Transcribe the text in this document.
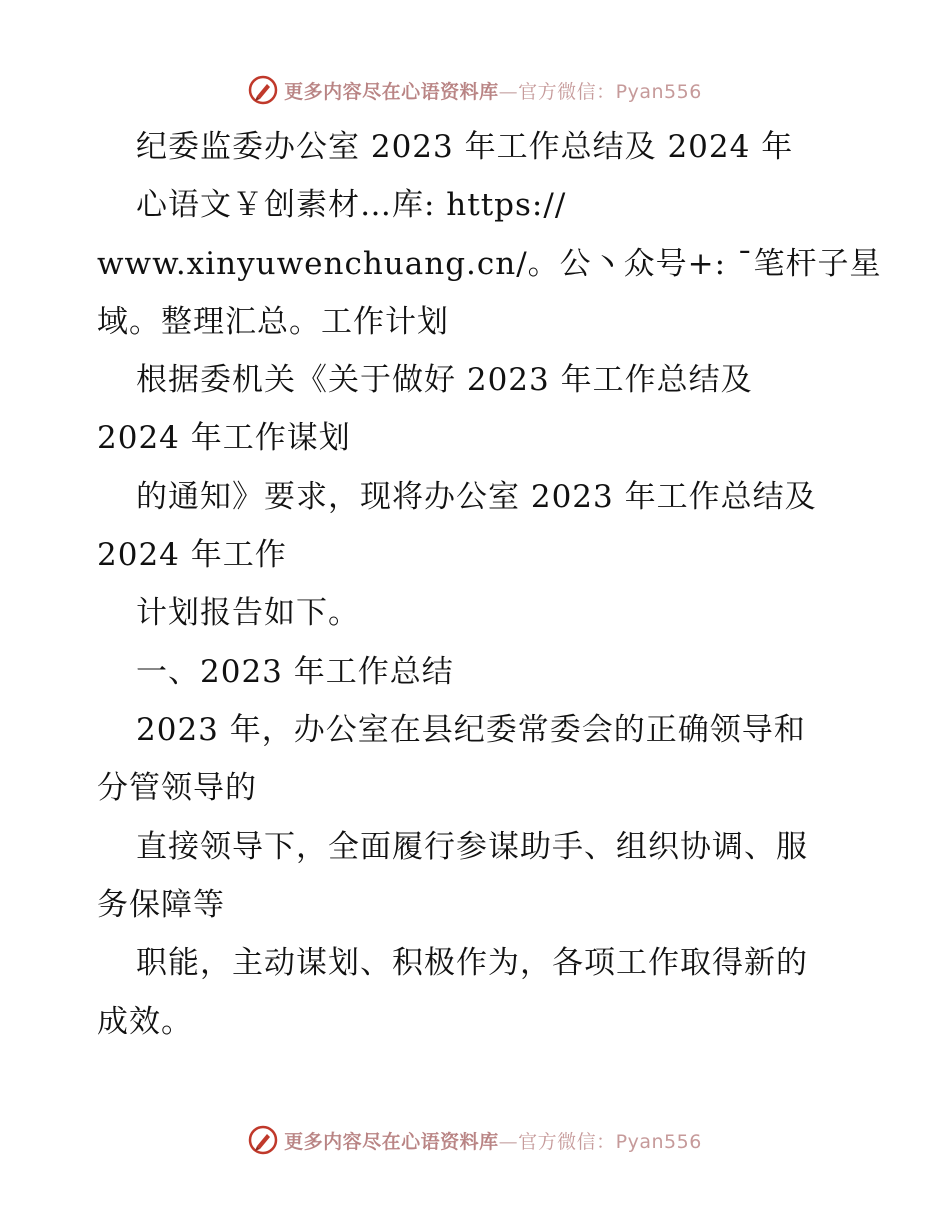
更多内容尽在心语资料库—官方微信：Pyan556
纪委监委办公室 2023 年工作总结及 2024 年
心语文￥创素材…库: https://
www.xinyuwenchuang.cn/。公丶众号+: ¯笔杆子星
域。整理汇总。工作计划
根据委机关《关于做好 2023 年工作总结及
2024 年工作谋划
的通知》要求，现将办公室 2023 年工作总结及
2024 年工作
计划报告如下。
一、2023 年工作总结
2023 年，办公室在县纪委常委会的正确领导和
分管领导的
直接领导下，全面履行参谋助手、组织协调、服
务保障等
职能，主动谋划、积极作为，各项工作取得新的
成效。
更多内容尽在心语资料库—官方微信：Pyan556
